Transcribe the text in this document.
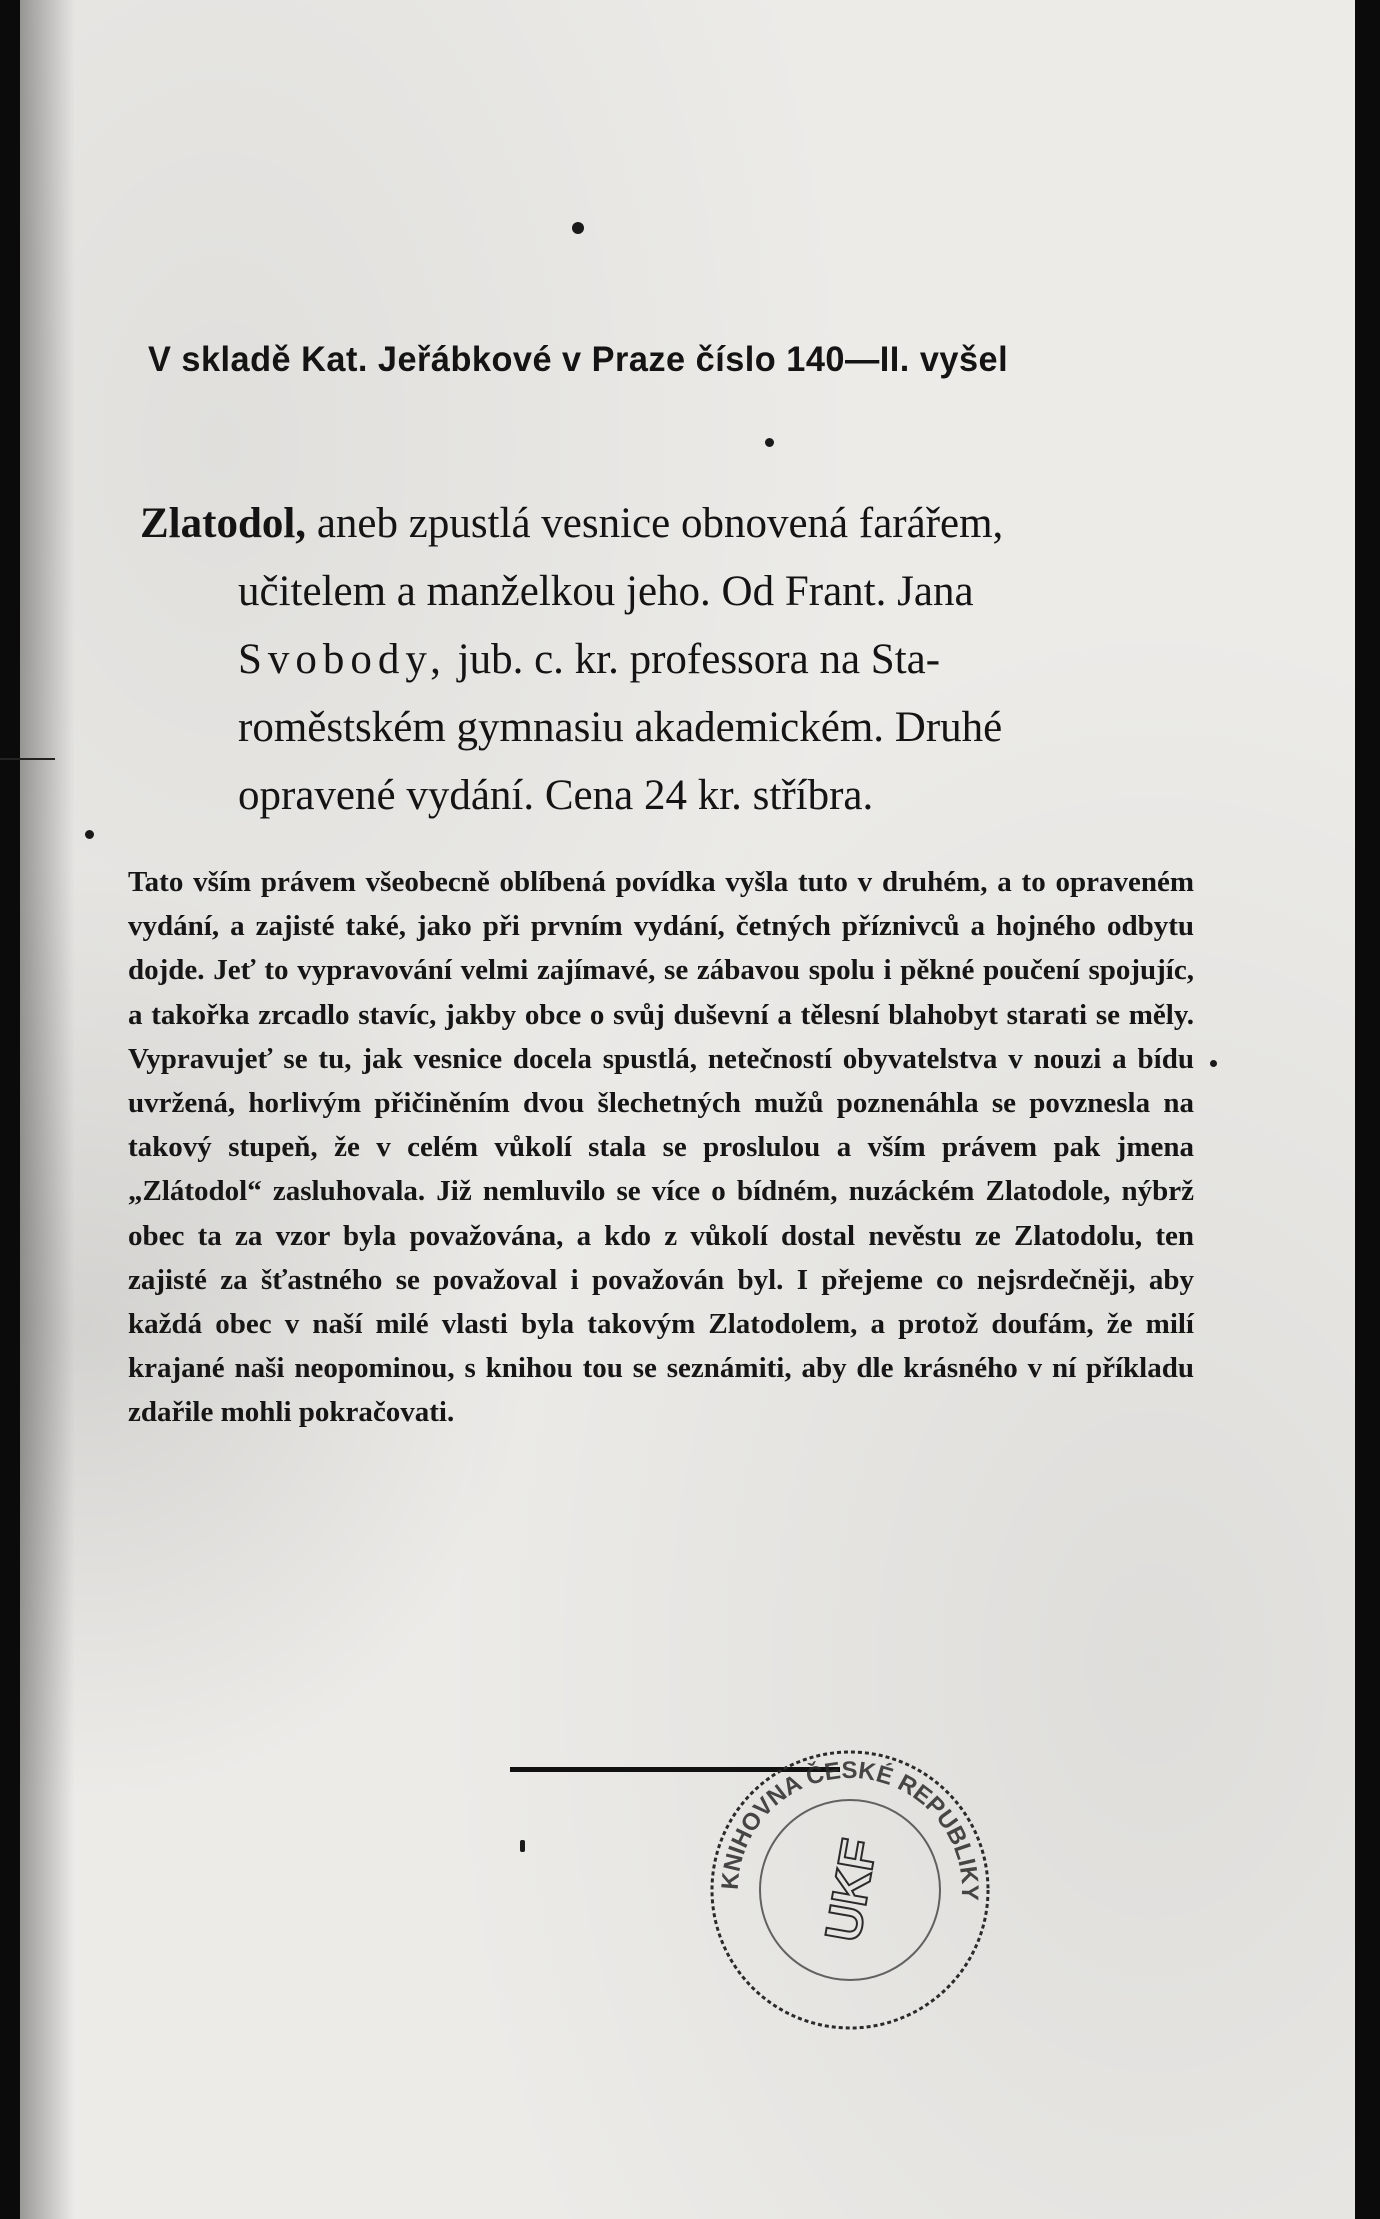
V skladě Kat. Jeřábkové v Praze číslo 140—II. vyšel
Zlatodol, aneb zpustlá vesnice obnovená farářem,
učitelem a manželkou jeho. Od Frant. Jana
Svobody, jub. c. kr. professora na Sta-
roměstském gymnasiu akademickém. Druhé
opravené vydání. Cena 24 kr. stříbra.
Tato vším právem všeobecně oblíbená povídka vyšla tuto v druhém, a to opraveném vydání, a zajisté také, jako při prvním vydání, četných příznivců a hojného odbytu dojde. Jeť to vypravování velmi zajímavé, se zábavou spolu i pěkné poučení spojujíc, a takořka zrcadlo stavíc, jakby obce o svůj duševní a tělesní blahobyt starati se měly. Vypravujeť se tu, jak vesnice docela spustlá, netečností obyvatelstva v nouzi a bídu uvržená, horlivým přičiněním dvou šlechetných mužů poznenáhla se povznesla na takový stupeň, že v celém vůkolí stala se proslulou a vším právem pak jmena „Zlátodol“ zasluhovala. Již nemluvilo se více o bídném, nuzáckém Zlatodole, nýbrž obec ta za vzor byla považována, a kdo z vůkolí dostal nevěstu ze Zlatodolu, ten zajisté za šťastného se považoval i považován byl. I přejeme co nejsrdečněji, aby každá obec v naší milé vlasti byla takovým Zlatodolem, a protož doufám, že milí krajané naši neopominou, s knihou tou se seznámiti, aby dle krásného v ní příkladu zdařile mohli pokračovati.
KNIHOVNA ČESKÉ REPUBLIKY
UKF
